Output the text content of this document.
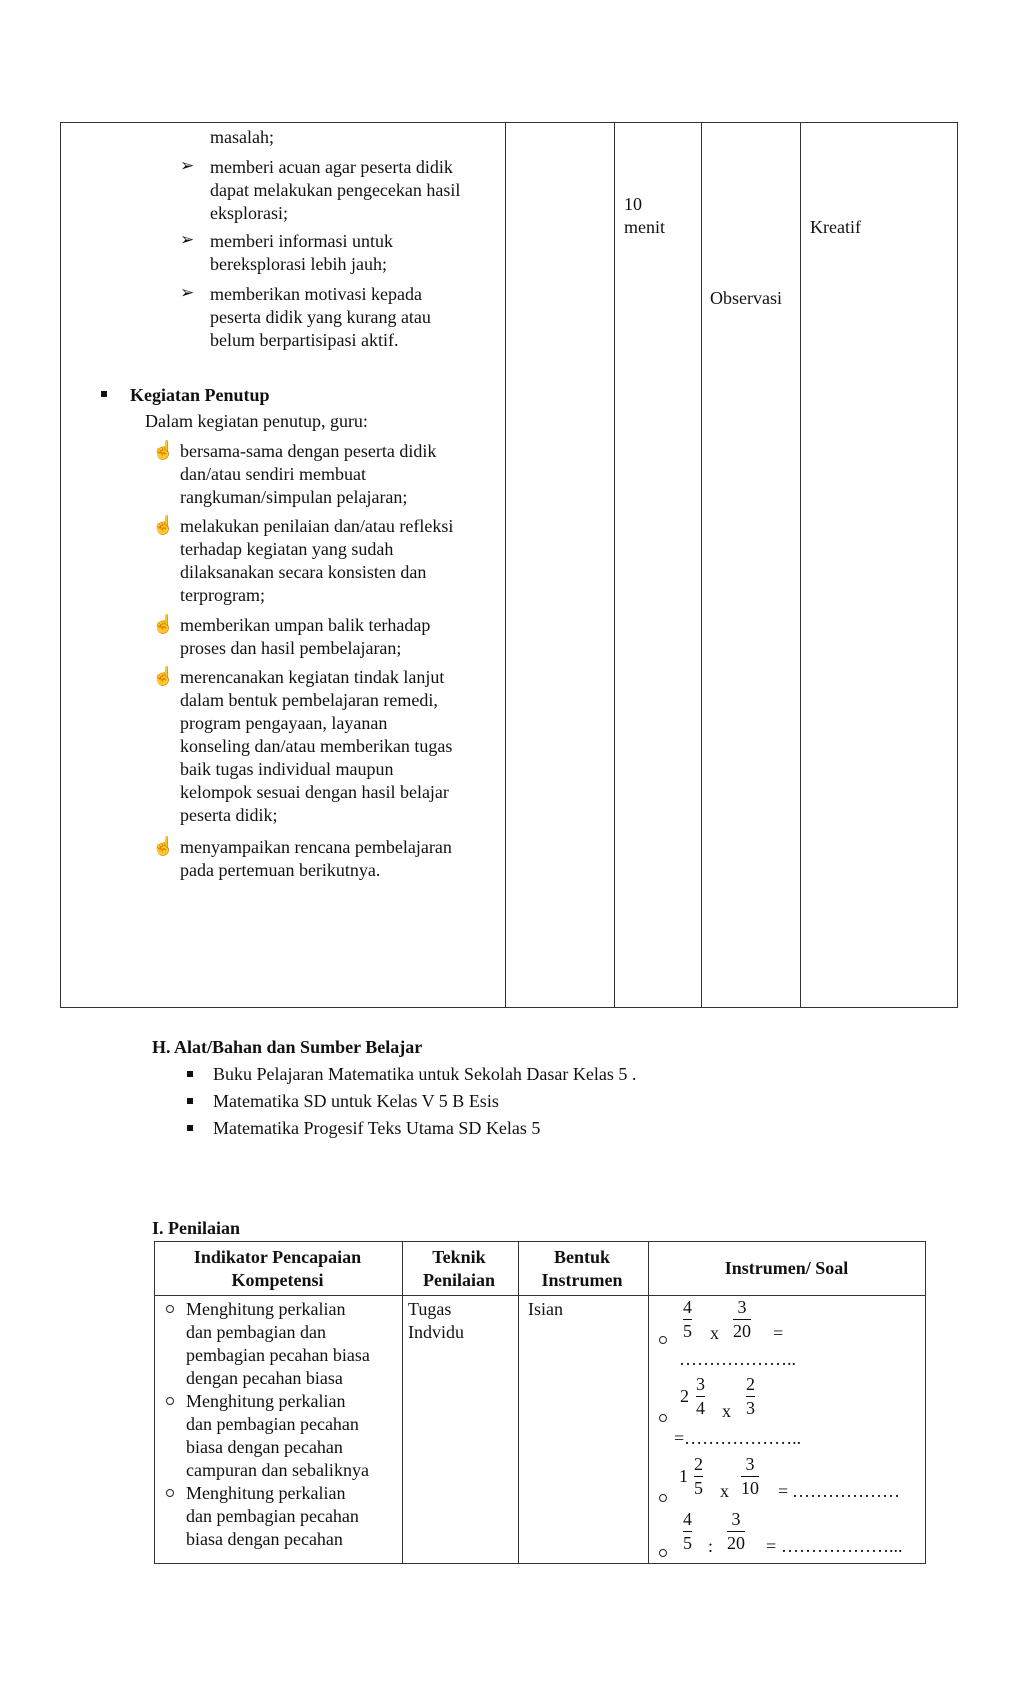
masalah;
➢ memberi acuan agar peserta didik
dapat melakukan pengecekan hasil
eksplorasi;
➢ memberi informasi untuk
bereksplorasi lebih jauh;
➢ memberikan motivasi kepada
peserta didik yang kurang atau
belum berpartisipasi aktif.
Kegiatan Penutup
Dalam kegiatan penutup, guru:
☝ bersama-sama dengan peserta didik
dan/atau sendiri membuat
rangkuman/simpulan pelajaran;
☝ melakukan penilaian dan/atau refleksi
terhadap kegiatan yang sudah
dilaksanakan secara konsisten dan
terprogram;
☝ memberikan umpan balik terhadap
proses dan hasil pembelajaran;
☝ merencanakan kegiatan tindak lanjut
dalam bentuk pembelajaran remedi,
program pengayaan, layanan
konseling dan/atau memberikan tugas
baik tugas individual maupun
kelompok sesuai dengan hasil belajar
peserta didik;
☝ menyampaikan rencana pembelajaran
pada pertemuan berikutnya.
10
menit
Observasi
Kreatif
H. Alat/Bahan dan Sumber Belajar
Buku Pelajaran Matematika untuk Sekolah Dasar Kelas 5 .
Matematika SD untuk Kelas V 5 B Esis
Matematika Progesif Teks Utama SD Kelas 5
I. Penilaian
Indikator Pencapaian
Kompetensi
Teknik
Penilaian
Bentuk
Instrumen
Instrumen/ Soal
Menghitung perkalian
dan pembagian dan
pembagian pecahan biasa
dengan pecahan biasa
Menghitung perkalian
dan pembagian pecahan
biasa dengan pecahan
campuran dan sebaliknya
Menghitung perkalian
dan pembagian pecahan
biasa dengan pecahan
Tugas
Indvidu
Isian	4
5 x
3
20 =
………………..
2
3
4 x
2
3
=………………..
1
2
5 x
3
10 = ………………
4
5 :
3
20 = ………………...
